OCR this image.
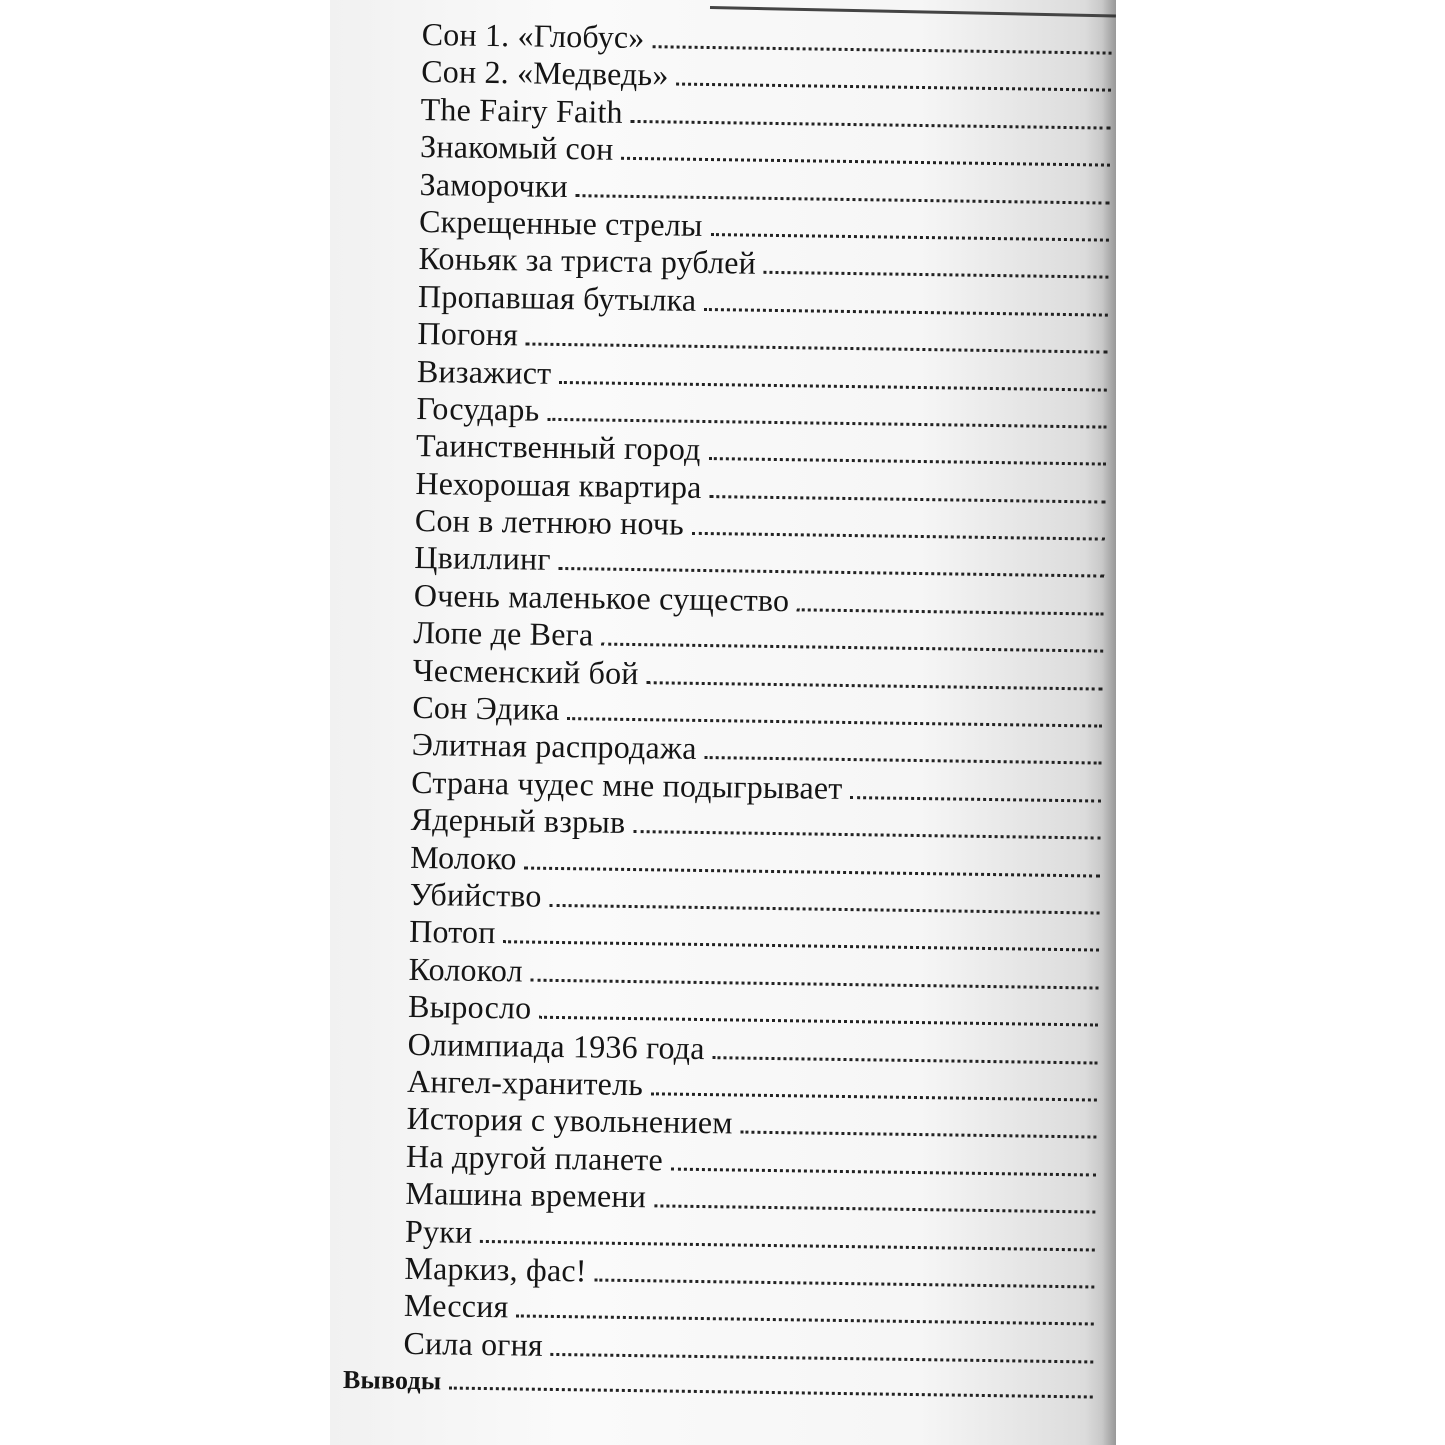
Сон 1. «Глобус»
Сон 2. «Медведь»
The Fairy Faith
Знакомый сон
Заморочки
Скрещенные стрелы
Коньяк за триста рублей
Пропавшая бутылка
Погоня
Визажист
Государь
Таинственный город
Нехорошая квартира
Сон в летнюю ночь
Цвиллинг
Очень маленькое существо
Лопе де Вега
Чесменский бой
Сон Эдика
Элитная распродажа
Страна чудес мне подыгрывает
Ядерный взрыв
Молоко
Убийство
Потоп
Колокол
Выросло
Олимпиада 1936 года
Ангел-хранитель
История с увольнением
На другой планете
Машина времени
Руки
Маркиз, фас!
Мессия
Сила огня
Выводы
